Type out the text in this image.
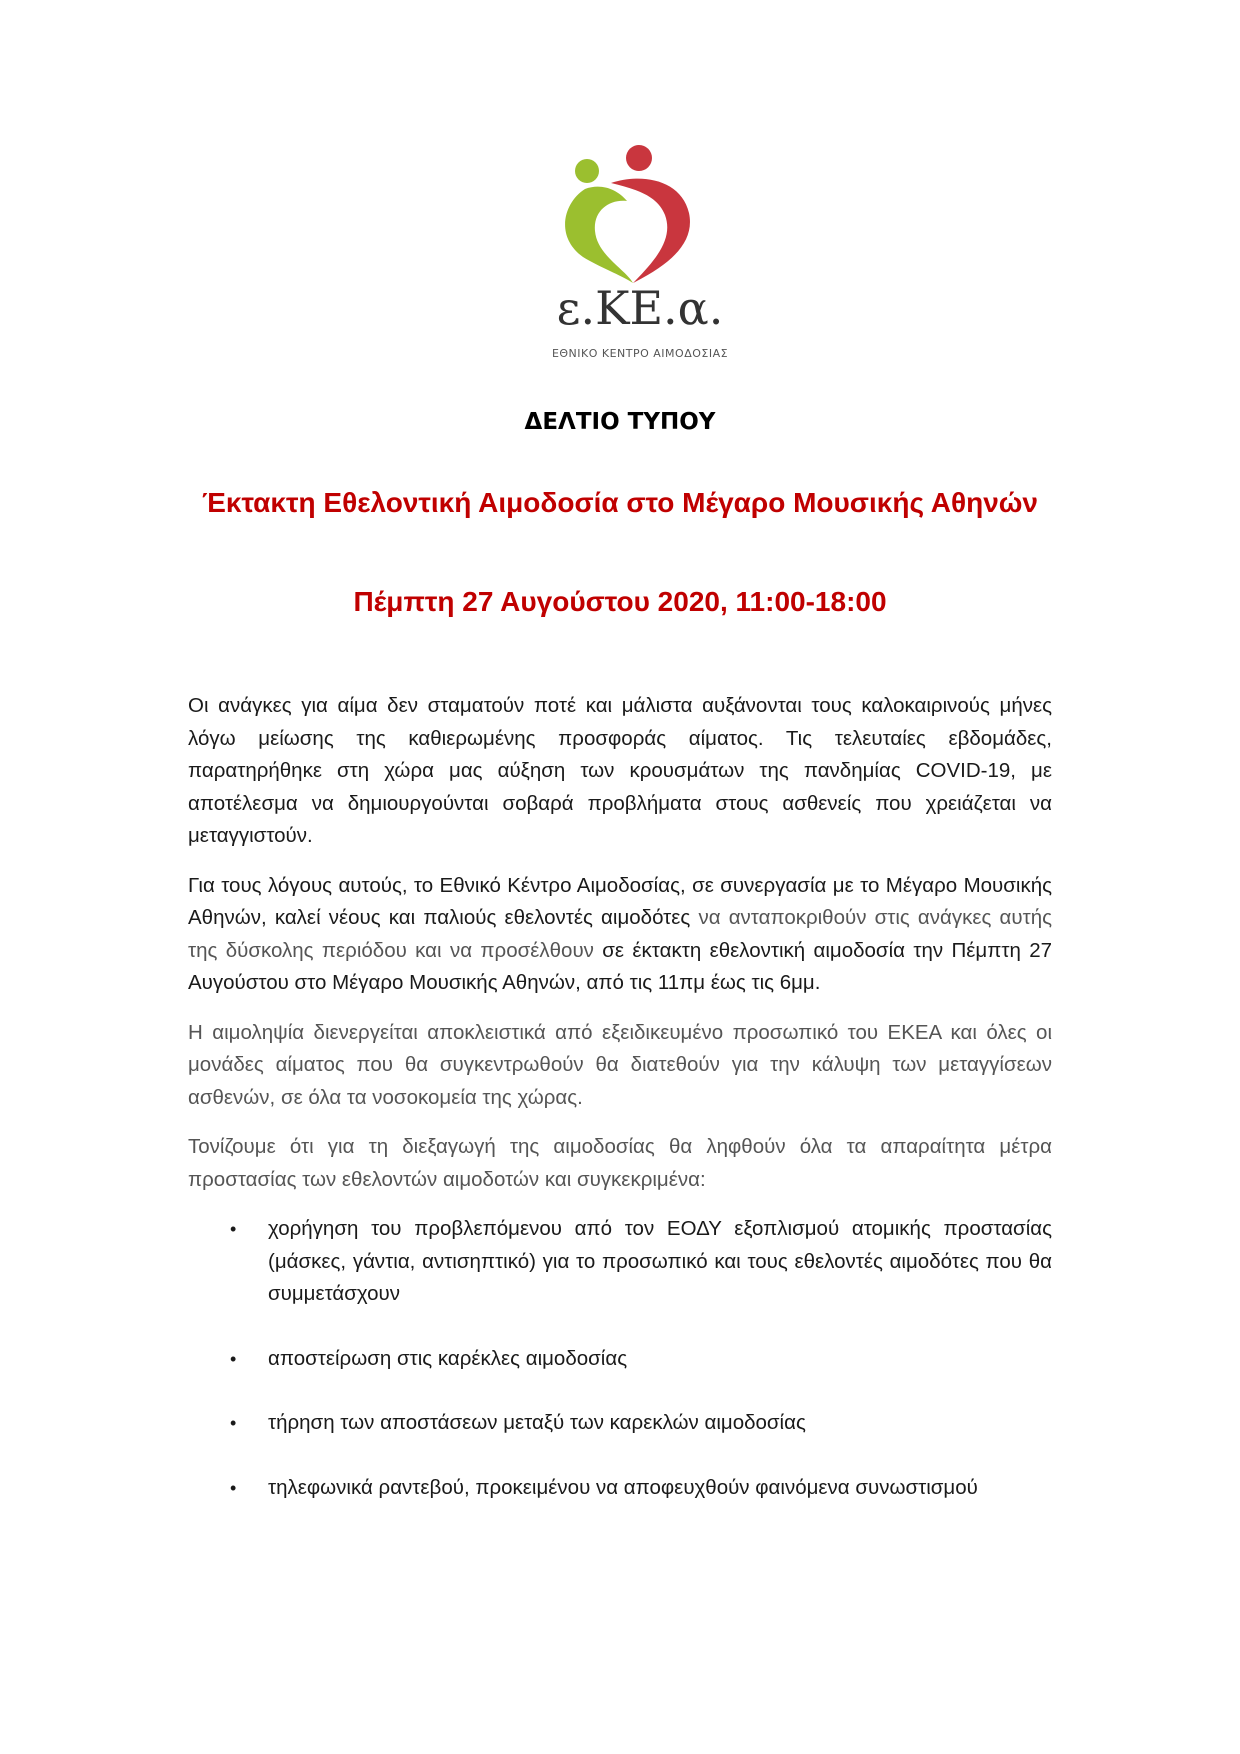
ε.ΚΕ.α.
ΕΘΝΙΚΟ ΚΕΝΤΡΟ ΑΙΜΟΔΟΣΙΑΣ
ΔΕΛΤΙΟ ΤΥΠΟΥ
Έκτακτη Εθελοντική Αιμοδοσία στο Μέγαρο Μουσικής Αθηνών
Πέμπτη 27 Αυγούστου 2020, 11:00-18:00

Οι ανάγκες για αίμα δεν σταματούν ποτέ και μάλιστα αυξάνονται τους καλοκαιρινούς μήνες λόγω μείωσης της καθιερωμένης προσφοράς αίματος. Τις τελευταίες εβδομάδες, παρατηρήθηκε στη χώρα μας αύξηση των κρουσμάτων της πανδημίας COVID-19, με αποτέλεσμα να δημιουργούνται σοβαρά προβλήματα στους ασθενείς που χρειάζεται να μεταγγιστούν.

Για τους λόγους αυτούς, το Εθνικό Κέντρο Αιμοδοσίας, σε συνεργασία με το Μέγαρο Μουσικής Αθηνών, καλεί νέους και παλιούς εθελοντές αιμοδότες να ανταποκριθούν στις ανάγκες αυτής της δύσκολης περιόδου και να προσέλθουν σε έκτακτη εθελοντική αιμοδοσία την Πέμπτη 27 Αυγούστου στο Μέγαρο Μουσικής Αθηνών, από τις 11πμ έως τις 6μμ.

Η αιμοληψία διενεργείται αποκλειστικά από εξειδικευμένο προσωπικό του ΕΚΕΑ και όλες οι μονάδες αίματος που θα συγκεντρωθούν θα διατεθούν για την κάλυψη των μεταγγίσεων ασθενών, σε όλα τα νοσοκομεία της χώρας.

Τονίζουμε ότι για τη διεξαγωγή της αιμοδοσίας θα ληφθούν όλα τα απαραίτητα μέτρα προστασίας των εθελοντών αιμοδοτών και συγκεκριμένα:

• χορήγηση του προβλεπόμενου από τον ΕΟΔΥ εξοπλισμού ατομικής προστασίας (μάσκες, γάντια, αντισηπτικό) για το προσωπικό και τους εθελοντές αιμοδότες που θα συμμετάσχουν
• αποστείρωση στις καρέκλες αιμοδοσίας
• τήρηση των αποστάσεων μεταξύ των καρεκλών αιμοδοσίας
• τηλεφωνικά ραντεβού, προκειμένου να αποφευχθούν φαινόμενα συνωστισμού
